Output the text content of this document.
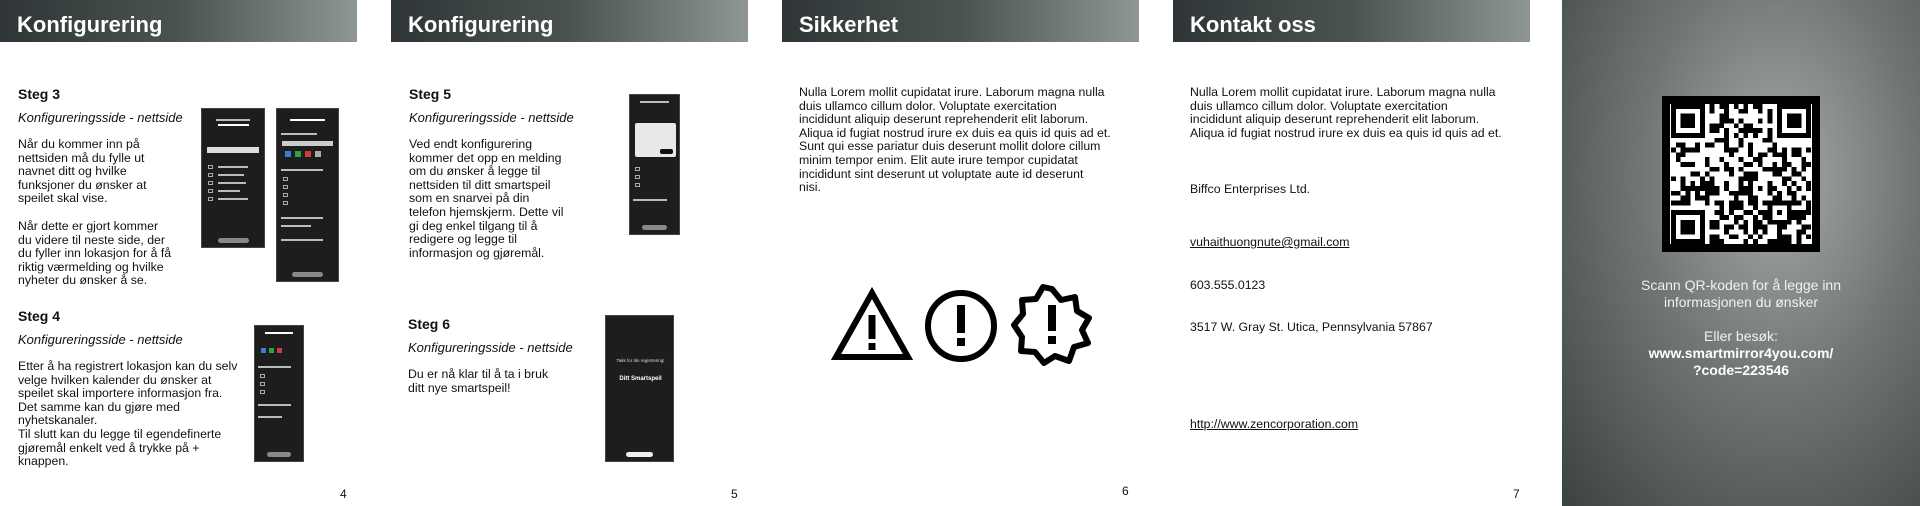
Konfigurering
Steg 3
Konfigureringsside - nettside
Når du kommer inn på
nettsiden må du fylle ut
navnet ditt og hvilke
funksjoner du ønsker at
speilet skal vise.
Når dette er gjort kommer
du videre til neste side, der
du fyller inn lokasjon for å få
riktig værmelding og hvilke
nyheter du ønsker å se.
Steg 4
Konfigureringsside - nettside
Etter å ha registrert lokasjon kan du selv
velge hvilken kalender du ønsker at
speilet skal importere informasjon fra.
Det samme kan du gjøre med
nyhetskanaler.
Til slutt kan du legge til egendefinerte
gjøremål enkelt ved å trykke på +
knappen.
4
Konfigurering
Steg 5
Konfigureringsside - nettside
Ved endt konfigurering
kommer det opp en melding
om du ønsker å legge til
nettsiden til ditt smartspeil
som en snarvei på din
telefon hjemskjerm. Dette vil
gi deg enkel tilgang til å
redigere og legge til
informasjon og gjøremål.
Steg 6
Konfigureringsside - nettside
Du er nå klar til å ta i bruk
ditt nye smartspeil!
Takk for din registrering!
Ditt Smartspeil
5
Sikkerhet
Nulla Lorem mollit cupidatat irure. Laborum magna nulla
duis ullamco cillum dolor. Voluptate exercitation
incididunt aliquip deserunt reprehenderit elit laborum.
Aliqua id fugiat nostrud irure ex duis ea quis id quis ad et.
Sunt qui esse pariatur duis deserunt mollit dolore cillum
minim tempor enim. Elit aute irure tempor cupidatat
incididunt sint deserunt ut voluptate aute id deserunt
nisi.
6
Kontakt oss
Nulla Lorem mollit cupidatat irure. Laborum magna nulla
duis ullamco cillum dolor. Voluptate exercitation
incididunt aliquip deserunt reprehenderit elit laborum.
Aliqua id fugiat nostrud irure ex duis ea quis id quis ad et.
Biffco Enterprises Ltd.
vuhaithuongnute@gmail.com
603.555.0123
3517 W. Gray St. Utica, Pennsylvania 57867
http://www.zencorporation.com
7
Scann QR-koden for å legge inn
informasjonen du ønsker
Eller besøk:
www.smartmirror4you.com/
?code=223546
